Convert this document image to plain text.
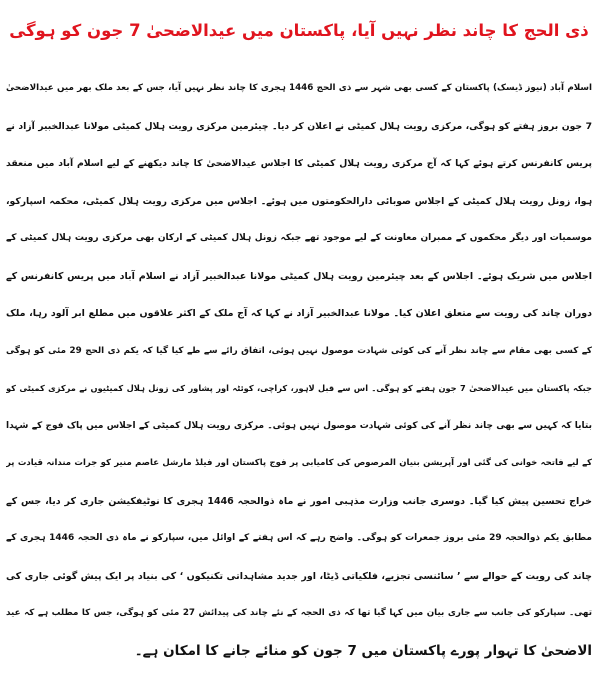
ذی الحج کا چاند نظر نہیں آیا، پاکستان میں عیدالاضحیٰ 7 جون کو ہوگی
اسلام آباد (نیوز ڈیسک) پاکستان کے کسی بھی شہر سے ذی الحج 1446 ہجری کا چاند نظر نہیں آیا، جس کے بعد ملک بھر میں عیدالاضحیٰ
7 جون بروز ہفتے کو ہوگی، مرکزی رویت ہلال کمیٹی نے اعلان کر دیا۔ چیئرمین مرکزی رویت ہلال کمیٹی مولانا عبدالخبیر آزاد نے
پریس کانفرنس کرتے ہوئے کہا کہ آج مرکزی رویت ہلال کمیٹی کا اجلاس عیدالاضحیٰ کا چاند دیکھنے کے لیے اسلام آباد میں منعقد
ہوا، زونل رویت ہلال کمیٹی کے اجلاس صوبائی دارالحکومتوں میں ہوئے۔ اجلاس میں مرکزی رویت ہلال کمیٹی، محکمہ اسپارکو،
موسمیات اور دیگر محکموں کے ممبران معاونت کے لیے موجود تھے جبکہ زونل ہلال کمیٹی کے ارکان بھی مرکزی رویت ہلال کمیٹی کے
اجلاس میں شریک ہوئے۔ اجلاس کے بعد چیئرمین رویت ہلال کمیٹی مولانا عبدالخبیر آزاد نے اسلام آباد میں پریس کانفرنس کے
دوران چاند کی رویت سے متعلق اعلان کیا۔ مولانا عبدالخبیر آزاد نے کہا کہ آج ملک کے اکثر علاقوں میں مطلع ابر آلود رہا، ملک
کے کسی بھی مقام سے چاند نظر آنے کی کوئی شہادت موصول نہیں ہوئی، اتفاق رائے سے طے کیا گیا کہ یکم ذی الحج 29 مئی کو ہوگی
جبکہ پاکستان میں عیدالاضحیٰ 7 جون ہفتے کو ہوگی۔ اس سے قبل لاہور، کراچی، کوئٹہ اور پشاور کی زونل ہلال کمیٹیوں نے مرکزی کمیٹی کو
بتایا کہ کہیں سے بھی چاند نظر آنے کی کوئی شہادت موصول نہیں ہوئی۔ مرکزی رویت ہلال کمیٹی کے اجلاس میں پاک فوج کے شہدا
کے لیے فاتحہ خوانی کی گئی اور آپریشن بنیان المرصوص کی کامیابی پر فوج پاکستان اور فیلڈ مارشل عاصم منیر کو جرات مندانہ قیادت پر
خراج تحسین پیش کیا گیا۔ دوسری جانب وزارت مذہبی امور نے ماہ ذوالحجہ 1446 ہجری کا نوٹیفکیشن جاری کر دیا، جس کے
مطابق یکم ذوالحجہ 29 مئی بروز جمعرات کو ہوگی۔ واضح رہے کہ اس ہفتے کے اوائل میں، سپارکو نے ماہ ذی الحجہ 1446 ہجری کے
چاند کی رویت کے حوالے سے ’ سائنسی تجزیے، فلکیاتی ڈیٹا، اور جدید مشاہداتی تکنیکوں ‘ کی بنیاد پر ایک پیش گوئی جاری کی
تھی۔ سپارکو کی جانب سے جاری بیان میں کہا گیا تھا کہ ذی الحجہ کے نئے چاند کی پیدائش 27 مئی کو ہوگی، جس کا مطلب ہے کہ عید
الاضحیٰ کا تہوار پورے پاکستان میں 7 جون کو منائے جانے کا امکان ہے۔
